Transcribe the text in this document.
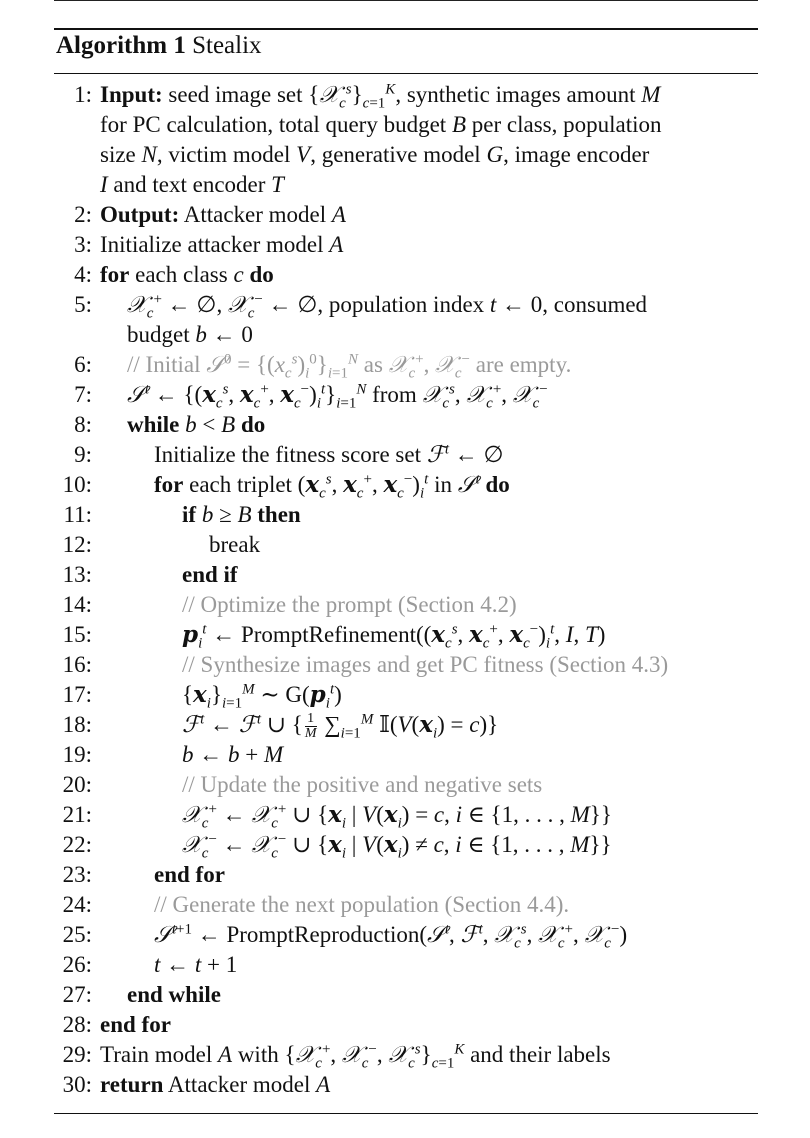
Algorithm 1 Stealix
1: Input: seed image set $\{𝒳_c^s\}_{c=1}^K$, synthetic images amount M
for PC calculation, total query budget B per class, population
size N, victim model V, generative model G, image encoder
I and text encoder T
2: Output: Attacker model A
3: Initialize attacker model A
4: for each class c do
5: 𝒳$_c$+ ← ∅, 𝒳$_c$− ← ∅, population index t ← 0, consumed
budget b ← 0
6: // Initial 𝒮$^0$ = $\{(x_c^s)_i^0\}_{i=1}^N$ as 𝒳$_c$+, 𝒳$_c$− are empty.
7: 𝒮$^t$ ← {($x_c^s$, $x_c^+$, $x_c^-)_i^t\}_{i=1}^N$ from 𝒳$_c^s$, 𝒳$_c$+, 𝒳$_c$−
8: while b < B do
9:	Initialize the fitness score set ℱ$^t$ ← ∅
10:	for each triplet ($x_c^s$, $x_c^+$, $x_c^-)_i^t$ in 𝒮$^t$ do
11:	if b ≥ B then
12:	break
13:	end if
14:	// Optimize the prompt (Section 4.2)
15:	$p_i^t$ ← $PromptRefinement((x_c^s$, $x_c^+$, $x_c^-)_i^t$, I, T)
16:	// Synthesize images and get PC fitness (Section 4.3)
17:	$\{x_i\}_{i=1}^M$ ∼ $G(p_i^t)$
18:	ℱ$^t$ ← ℱ$^t$ ∪ { $\frac{1}{M} \sum_{i=1}^M$ $𝕀(V(x_i) = c)$}
19:	b ← b + M
20:	// Update the positive and negative sets
21:	𝒳$_c$+ ← 𝒳$_c$+ ∪ {$x_i$ | $V(x_i) = c$, i ∈ {1, . . . , M}}
22:	𝒳$_c$− ← 𝒳$_c$− ∪ {$x_i$ | $V(x_i) \ne c$, i ∈ {1, . . . , M}}
23:	end for
24:	// Generate the next population (Section 4.4).
25:	𝒮$^{t+1}$ ← PromptReproduction(𝒮$^t$, ℱ$^t$, 𝒳$_c^s$, 𝒳$_c$+, 𝒳$_c$−)
26:	t ← t + 1
27: end while
28: end for
29: Train model A with {𝒳$_c$+, 𝒳$_c$−, $𝒳_c^s\}_{c=1}^K$ and their labels
30: return Attacker model A
